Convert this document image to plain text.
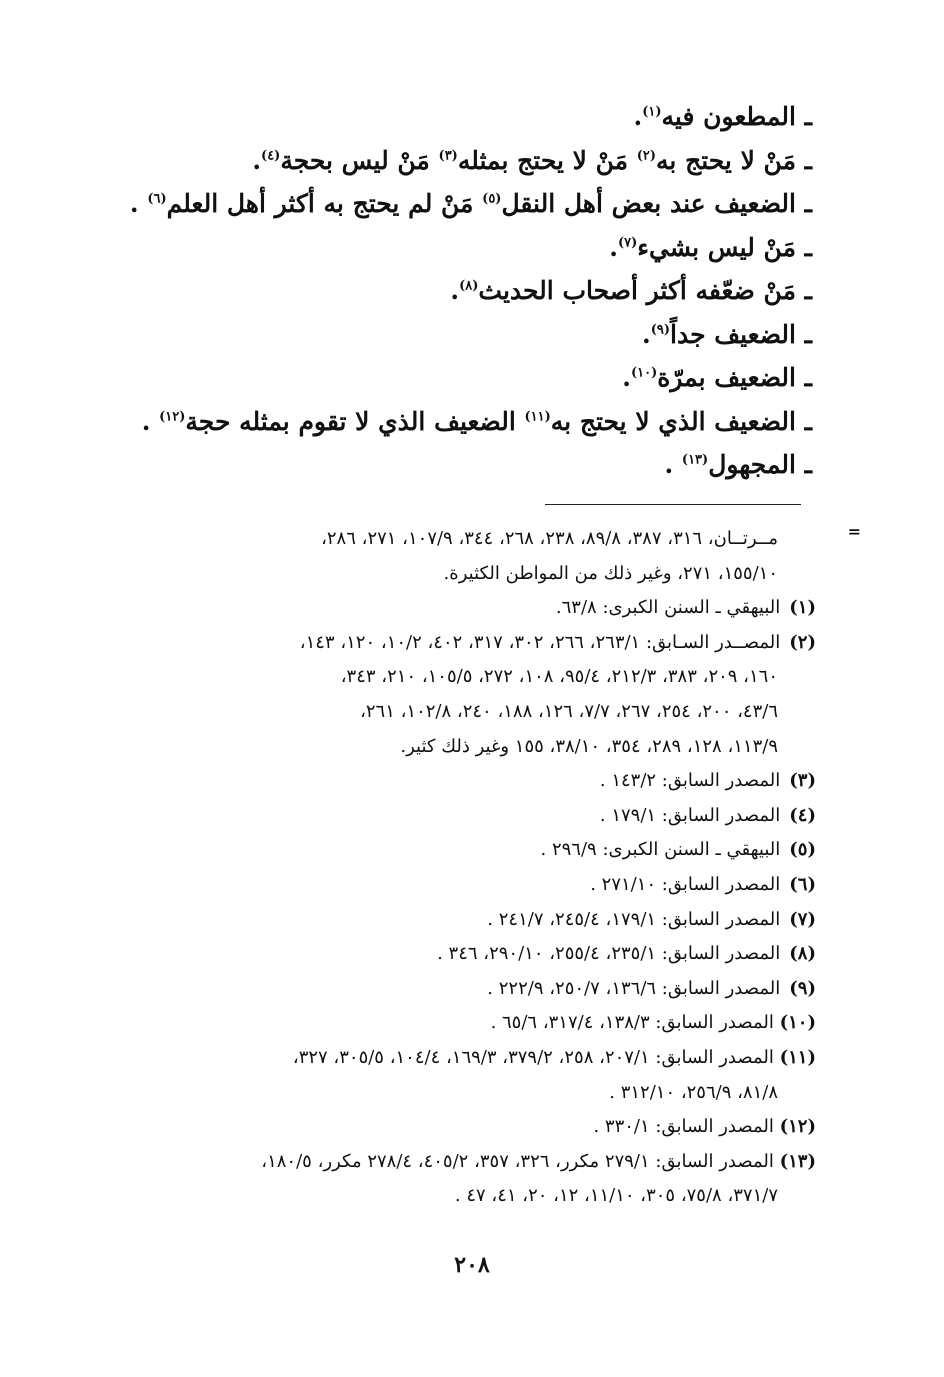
ـ المطعون فيه$^{(١)}$.
ـ مَنْ لا يحتج به$^{(٢)}$ مَنْ لا يحتج بمثله$^{(٣)}$ مَنْ ليس بحجة$^{(٤)}$.
ـ الضعيف عند بعض أهل النقل$^{(٥)}$ مَنْ لم يحتج به أكثر أهل العلم$^{(٦)}$ .
ـ مَنْ ليس بشيء$^{(٧)}$.
ـ مَنْ ضعّفه أكثر أصحاب الحديث$^{(٨)}$.
ـ الضعيف جداً$^{(٩)}$.
ـ الضعيف بمرّة$^{(١٠)}$.
ـ الضعيف الذي لا يحتج به$^{(١١)}$ الضعيف الذي لا تقوم بمثله حجة$^{(١٢)}$ .
ـ المجهول$^{(١٣)}$ .
=
مــرتــان، ٣١٦، ٣٨٧، ٨٩/٨، ٢٣٨، ٢٦٨، ٣٤٤، ١٠٧/٩، ٢٧١، ٢٨٦،
١٥٥/١٠، ٢٧١، وغير ذلك من المواطن الكثيرة.
(١) البيهقي ـ السنن الكبرى: ٦٣/٨.
(٢) المصــدر السـابق: ٢٦٣/١، ٢٦٦، ٣٠٢، ٣١٧، ٤٠٢، ١٠/٢، ١٢٠، ١٤٣،
١٦٠، ٢٠٩، ٣٨٣، ٢١٢/٣، ٩٥/٤، ١٠٨، ٢٧٢، ١٠٥/٥، ٢١٠، ٣٤٣،
٤٣/٦، ٢٠٠، ٢٥٤، ٢٦٧، ٧/٧، ١٢٦، ١٨٨، ٢٤٠، ١٠٢/٨، ٢٦١،
١١٣/٩، ١٢٨، ٢٨٩، ٣٥٤، ٣٨/١٠، ١٥٥ وغير ذلك كثير.
(٣) المصدر السابق: ١٤٣/٢ .
(٤) المصدر السابق: ١٧٩/١ .
(٥) البيهقي ـ السنن الكبرى: ٢٩٦/٩ .
(٦) المصدر السابق: ٢٧١/١٠ .
(٧) المصدر السابق: ١٧٩/١، ٢٤٥/٤، ٢٤١/٧ .
(٨) المصدر السابق: ٢٣٥/١، ٢٥٥/٤، ٢٩٠/١٠، ٣٤٦ .
(٩) المصدر السابق: ١٣٦/٦، ٢٥٠/٧، ٢٢٢/٩ .
(١٠) المصدر السابق: ١٣٨/٣، ٣١٧/٤، ٦٥/٦ .
(١١) المصدر السابق: ٢٠٧/١، ٢٥٨، ٣٧٩/٢، ١٦٩/٣، ١٠٤/٤، ٣٠٥/٥، ٣٢٧،
٨١/٨، ٢٥٦/٩، ٣١٢/١٠ .
(١٢) المصدر السابق: ٣٣٠/١ .
(١٣) المصدر السابق: ٢٧٩/١ مكرر، ٣٢٦، ٣٥٧، ٤٠٥/٢، ٢٧٨/٤ مكرر، ١٨٠/٥،
٣٧١/٧، ٧٥/٨، ٣٠٥، ١١/١٠، ١٢، ٢٠، ٤١، ٤٧ .
٢٠٨
